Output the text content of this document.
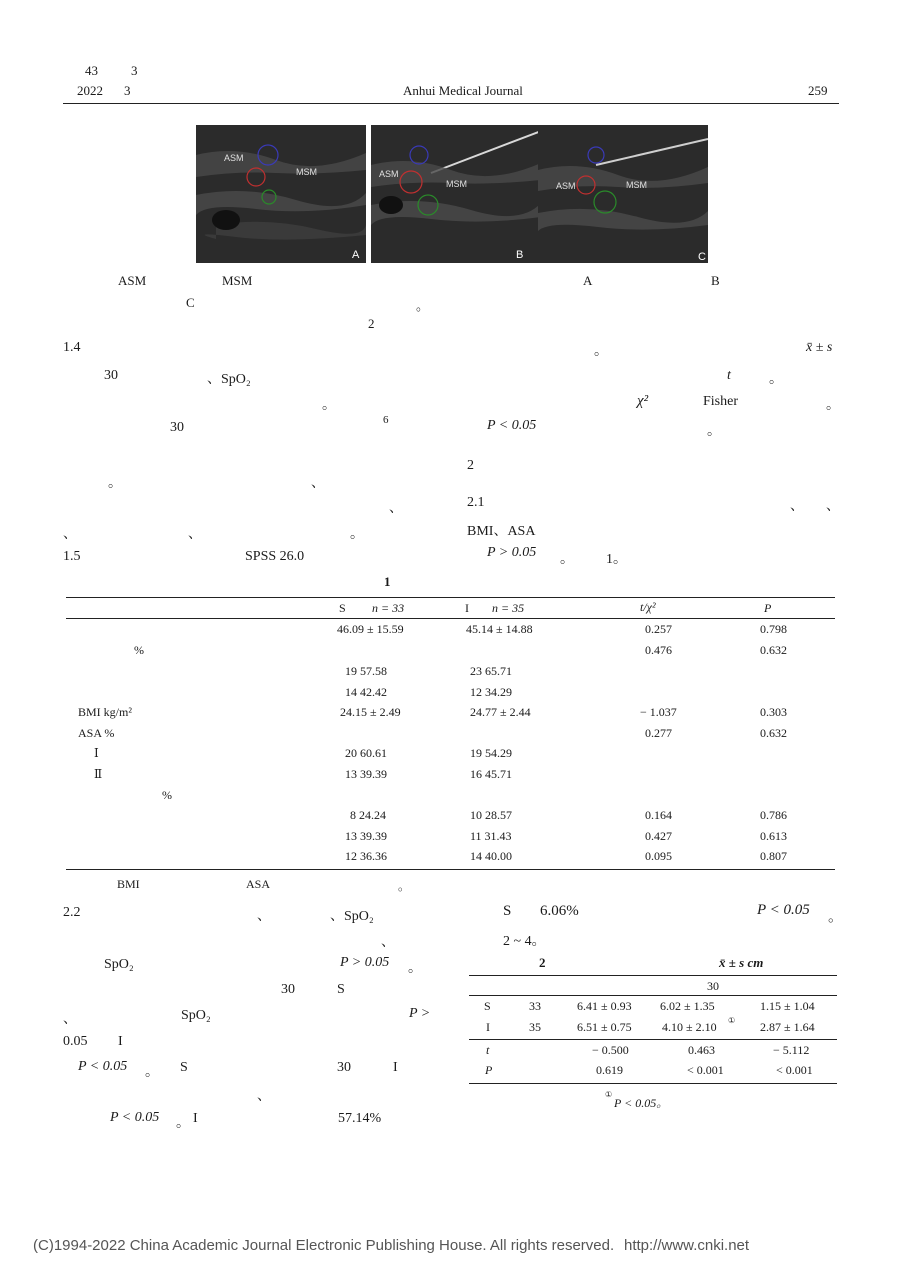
43	3
2022 3	Anhui Medical Journal	259
ASM
MSM
A
ASM
MSM
B
ASM	MSM
C
ASM	MSM	A	B
C	。
2
1.4	。	x̄ ± s
30	、SpO₂	t	。
。	χ²	Fisher	。
30	6	P < 0.05	。
。	、
、
、	、	。
1.5	SPSS 26.0
2
2.1	、 、
BMI、ASA
P > 0.05 。 1。
1
S n = 33	I n = 35	t/χ²	P
46.09 ± 15.59	45.14 ± 14.88	0.257	0.798
%	0.476	0.632
19 57.58	23 65.71
14 42.42	12 34.29
BMI kg/m²	24.15 ± 2.49	24.77 ± 2.44	− 1.037	0.303
ASA %	0.277	0.632
Ⅰ	20 60.61	19 54.29
Ⅱ	13 39.39	16 45.71
%
8 24.24	10 28.57	0.164	0.786
13 39.39	11 31.43	0.427	0.613
12 36.36	14 40.00	0.095	0.807
BMI	ASA	。
2.2	、	、SpO₂
、
SpO₂	P > 0.05 。
30	S
、	SpO₂	P >
0.05 I
P < 0.05 。 S	30	I
、
P < 0.05 。 I	57.14%
S 6.06%	P < 0.05 。
2 ~ 4。
2	x̄ ± s cm
30
S	33	6.41 ± 0.93 6.02 ± 1.35	1.15 ± 1.04
I	35	6.51 ± 0.75	4.10 ± 2.10 ① 2.87 ± 1.64
t	− 0.500	0.463	− 5.112
P	0.619	< 0.001	< 0.001
①
P < 0.05。
(C)1994-2022 China Academic Journal Electronic Publishing House. All rights reserved. http://www.cnki.net
